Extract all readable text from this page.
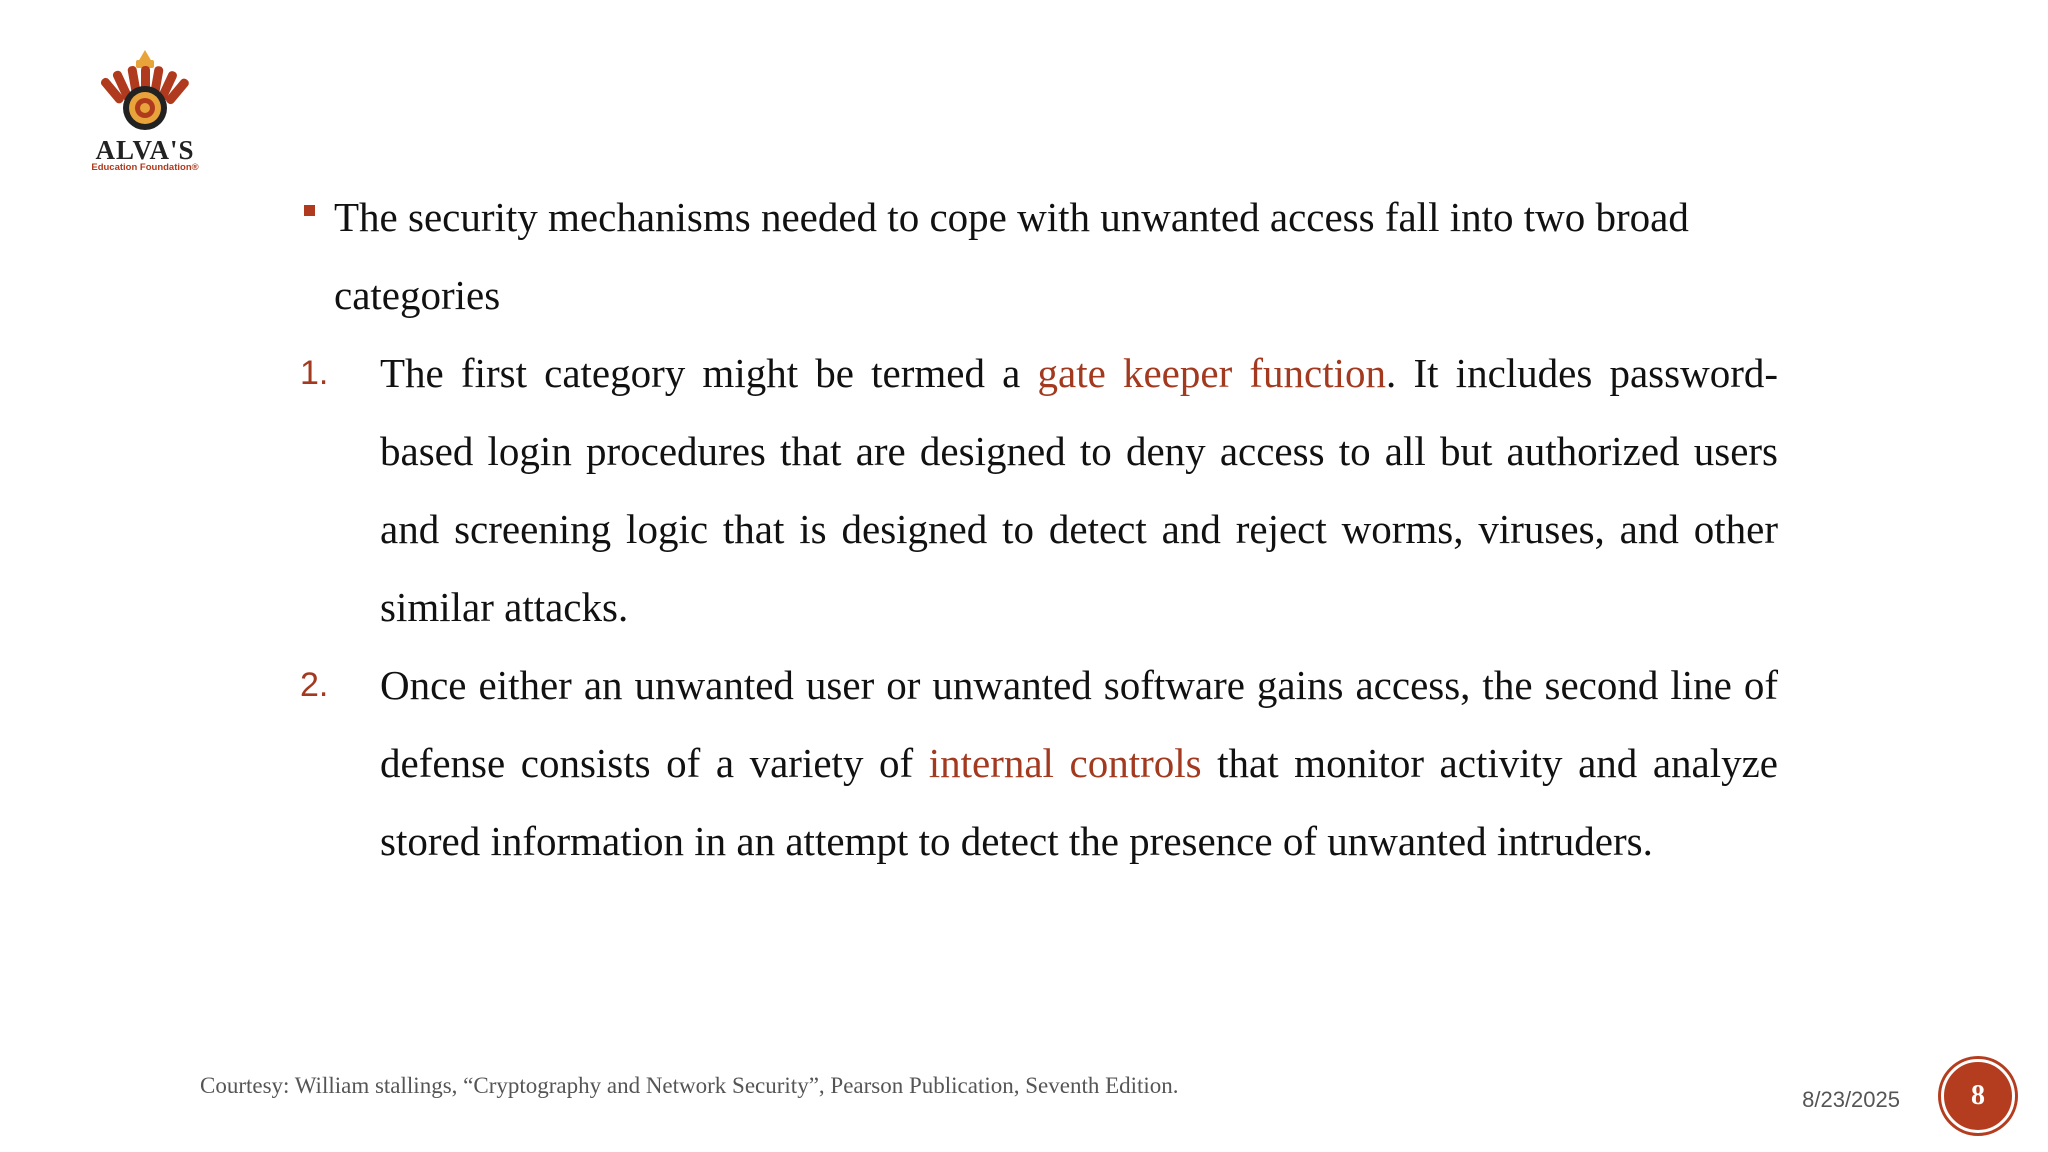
ALVA'S
Education Foundation®
The security mechanisms needed to cope with unwanted access fall into two broad categories
1. The first category might be termed a gate keeper function. It includes password-based login procedures that are designed to deny access to all but authorized users and screening logic that is designed to detect and reject worms, viruses, and other similar attacks.
2. Once either an unwanted user or unwanted software gains access, the second line of defense consists of a variety of internal controls that monitor activity and analyze stored information in an attempt to detect the presence of unwanted intruders.
Courtesy: William stallings, “Cryptography and Network Security”, Pearson Publication, Seventh Edition.
8/23/2025	8
